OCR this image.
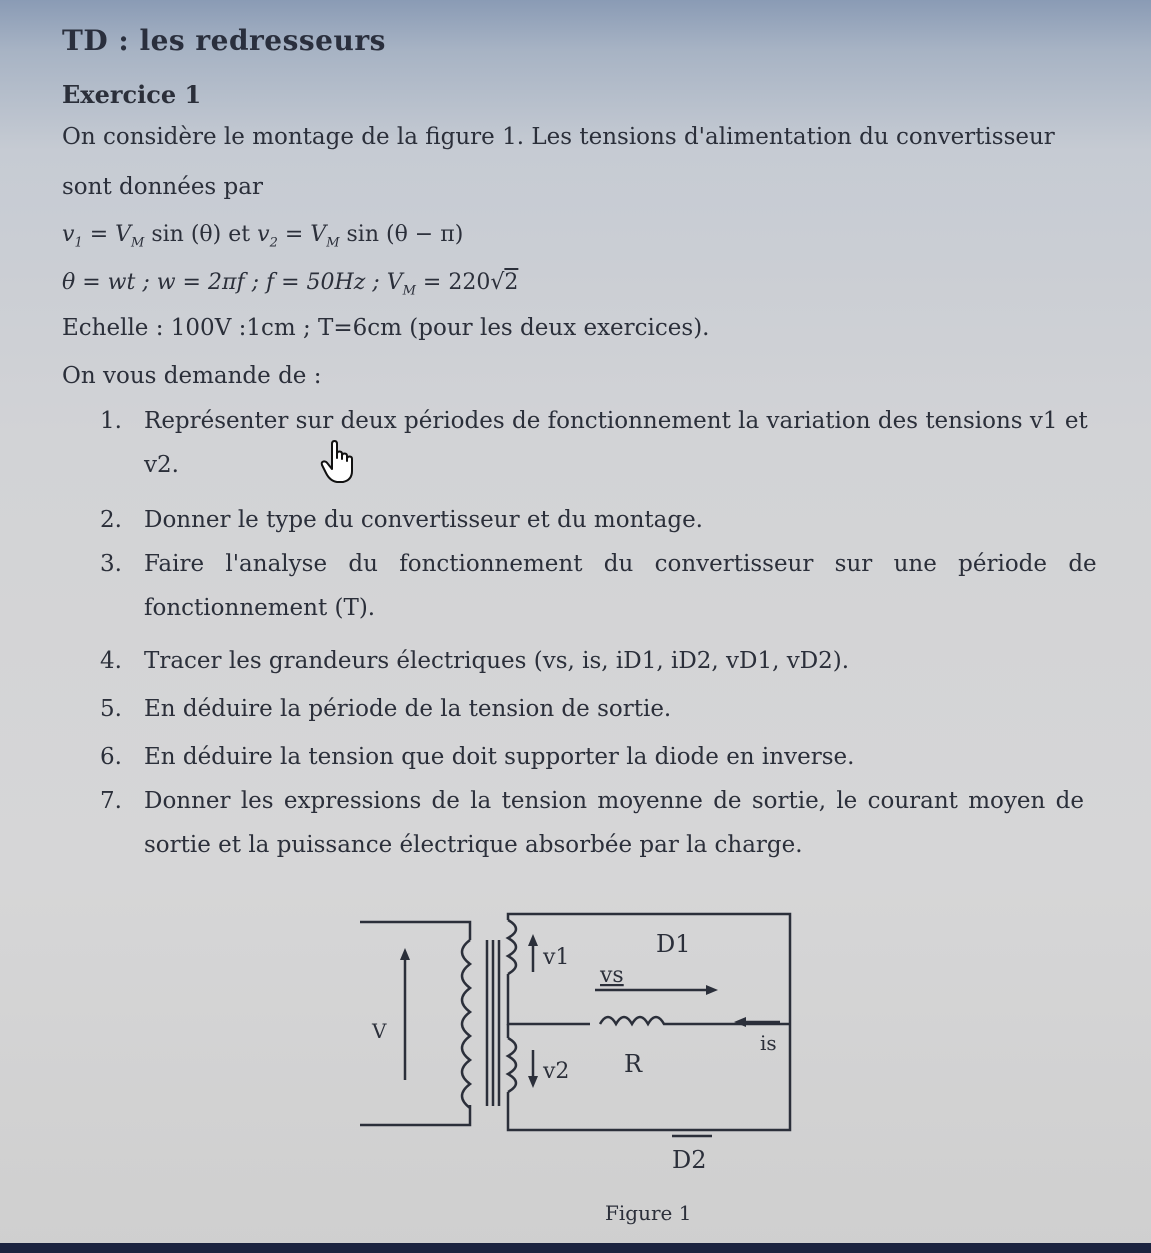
TD : les redresseurs
Exercice 1
On considère le montage de la figure 1. Les tensions d'alimentation du convertisseur
sont données par
$v_1 = V_M$ sin (θ) et $v_2 = V_M$ sin (θ − π)
θ = wt ; w = 2πf ; f = 50Hz ; $V_M = 220√2$
Echelle : 100V :1cm ; T=6cm (pour les deux exercices).
On vous demande de :
1. Représenter sur deux périodes de fonctionnement la variation des tensions v1 et
v2.
2. Donner le type du convertisseur et du montage.
3. Faire l'analyse du fonctionnement du convertisseur sur une période de
fonctionnement (T).
4. Tracer les grandeurs électriques (vs, is, iD1, iD2, vD1, vD2).
5. En déduire la période de la tension de sortie.
6. En déduire la tension que doit supporter la diode en inverse.
7. Donner les expressions de la tension moyenne de sortie, le courant moyen de
sortie et la puissance électrique absorbée par la charge.
V
v1
v2
D1
vs
is
R
D2
Figure 1
